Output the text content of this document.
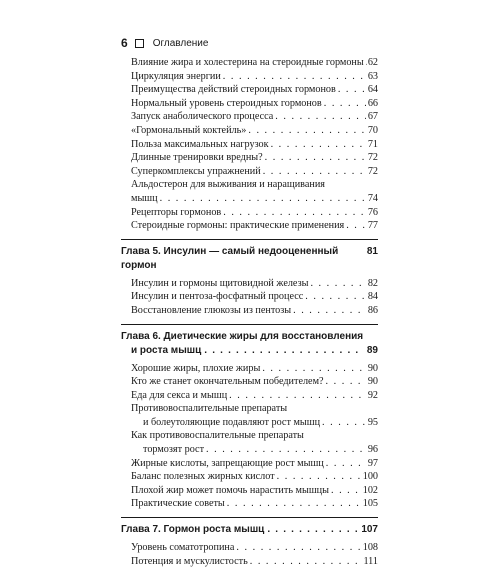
6	Оглавление
Влияние жира и холестерина на стероидные гормоны . . . 62
Циркуляция энергии . . .	63
Преимущества действий стероидных гормонов . . .	64
Нормальный уровень стероидных гормонов . . .	66
Запуск анаболического процесса . . .	67
«Гормональный коктейль» . . .	70
Польза максимальных нагрузок . . .	71
Длинные тренировки вредны? . . .	72
Суперкомплексы упражнений . . .	72
Альдостерон для выживания и наращивания
мышц . . .	74
Рецепторы гормонов . . .	76
Стероидные гормоны: практические применения . . . 77
Глава 5. Инсулин — самый недооцененный гормон
81
Инсулин и гормоны щитовидной железы . . .	82
Инсулин и пентоза-фосфатный процесс . . .	84
Восстановление глюкозы из пентозы . . .	86
Глава 6. Диетические жиры для восстановления
и роста мышц . . .	89
Хорошие жиры, плохие жиры . . .	90
Кто же станет окончательным победителем? . . .	90
Еда для секса и мышц . . .	92
Противовоспалительные препараты
и болеутоляющие подавляют рост мышц . . .	95
Как противовоспалительные препараты
тормозят рост . . .	96
Жирные кислоты, запрещающие рост мышц . . .	97
Баланс полезных жирных кислот . . .	100
Плохой жир может помочь нарастить мышцы . . .	102
Практические советы . . .	105
Глава 7. Гормон роста мышц . . .	107
Уровень соматотропина . . .	108
Потенция и мускулистость . . .	111
